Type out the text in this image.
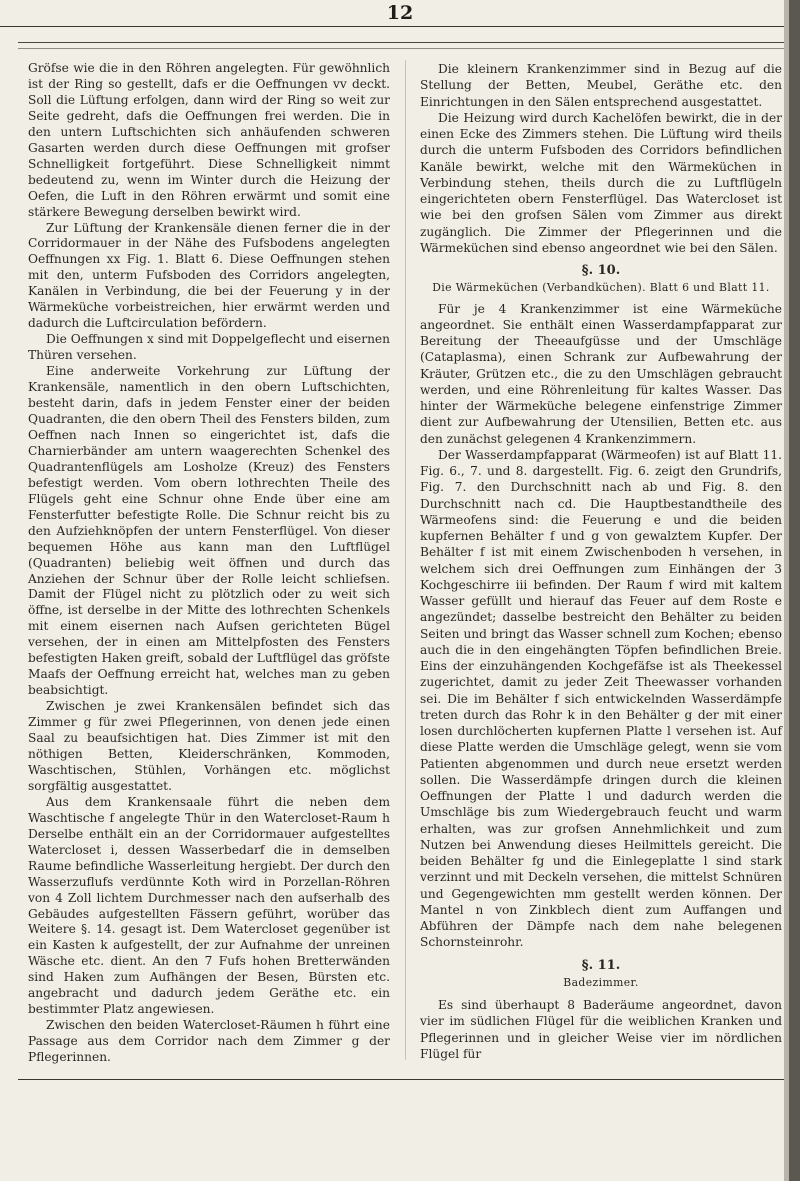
12

Gröfse wie die in den Röhren angelegten. Für gewöhnlich ist der Ring so gestellt, dafs er die Oeffnungen vv deckt. Soll die Lüftung erfolgen, dann wird der Ring so weit zur Seite gedreht, dafs die Oeffnungen frei werden. Die in den untern Luftschichten sich anhäufenden schweren Gasarten werden durch diese Oeffnungen mit grofser Schnelligkeit fortgeführt. Diese Schnelligkeit nimmt bedeutend zu, wenn im Winter durch die Heizung der Oefen, die Luft in den Röhren erwärmt und somit eine stärkere Bewegung derselben bewirkt wird.

Zur Lüftung der Krankensäle dienen ferner die in der Corridormauer in der Nähe des Fufsbodens angelegten Oeffnungen xx Fig. 1. Blatt 6. Diese Oeffnungen stehen mit den, unterm Fufsboden des Corridors angelegten, Kanälen in Verbindung, die bei der Feuerung y in der Wärmeküche vorbeistreichen, hier erwärmt werden und dadurch die Luftcirculation befördern.

Die Oeffnungen x sind mit Doppelgeflecht und eisernen Thüren versehen.

Eine anderweite Vorkehrung zur Lüftung der Krankensäle, namentlich in den obern Luftschichten, besteht darin, dafs in jedem Fenster einer der beiden Quadranten, die den obern Theil des Fensters bilden, zum Oeffnen nach Innen so eingerichtet ist, dafs die Charnierbänder am untern waagerechten Schenkel des Quadrantenflügels am Losholze (Kreuz) des Fensters befestigt werden. Vom obern lothrechten Theile des Flügels geht eine Schnur ohne Ende über eine am Fensterfutter befestigte Rolle. Die Schnur reicht bis zu den Aufziehknöpfen der untern Fensterflügel. Von dieser bequemen Höhe aus kann man den Luftflügel (Quadranten) beliebig weit öffnen und durch das Anziehen der Schnur über der Rolle leicht schliefsen. Damit der Flügel nicht zu plötzlich oder zu weit sich öffne, ist derselbe in der Mitte des lothrechten Schenkels mit einem eisernen nach Aufsen gerichteten Bügel versehen, der in einen am Mittelpfosten des Fensters befestigten Haken greift, sobald der Luftflügel das gröfste Maafs der Oeffnung erreicht hat, welches man zu geben beabsichtigt.

Zwischen je zwei Krankensälen befindet sich das Zimmer g für zwei Pflegerinnen, von denen jede einen Saal zu beaufsichtigen hat. Dies Zimmer ist mit den nöthigen Betten, Kleiderschränken, Kommoden, Waschtischen, Stühlen, Vorhängen etc. möglichst sorgfältig ausgestattet.

Aus dem Krankensaale führt die neben dem Waschtische f angelegte Thür in den Watercloset-Raum h Derselbe enthält ein an der Corridormauer aufgestelltes Watercloset i, dessen Wasserbedarf die in demselben Raume befindliche Wasserleitung hergiebt. Der durch den Wasserzuflufs verdünnte Koth wird in Porzellan-Röhren von 4 Zoll lichtem Durchmesser nach den aufserhalb des Gebäudes aufgestellten Fässern geführt, worüber das Weitere §. 14. gesagt ist. Dem Watercloset gegenüber ist ein Kasten k aufgestellt, der zur Aufnahme der unreinen Wäsche etc. dient. An den 7 Fufs hohen Bretterwänden sind Haken zum Aufhängen der Besen, Bürsten etc. angebracht und dadurch jedem Geräthe etc. ein bestimmter Platz angewiesen.

Zwischen den beiden Watercloset-Räumen h führt eine Passage aus dem Corridor nach dem Zimmer g der Pflegerinnen.

Die kleinern Krankenzimmer sind in Bezug auf die Stellung der Betten, Meubel, Geräthe etc. den Einrichtungen in den Sälen entsprechend ausgestattet.

Die Heizung wird durch Kachelöfen bewirkt, die in der einen Ecke des Zimmers stehen. Die Lüftung wird theils durch die unterm Fufsboden des Corridors befindlichen Kanäle bewirkt, welche mit den Wärmeküchen in Verbindung stehen, theils durch die zu Luftflügeln eingerichteten obern Fensterflügel. Das Watercloset ist wie bei den grofsen Sälen vom Zimmer aus direkt zugänglich. Die Zimmer der Pflegerinnen und die Wärmeküchen sind ebenso angeordnet wie bei den Sälen.

§. 10.
Die Wärmeküchen (Verbandküchen). Blatt 6 und Blatt 11.

Für je 4 Krankenzimmer ist eine Wärmeküche angeordnet. Sie enthält einen Wasserdampfapparat zur Bereitung der Theeaufgüsse und der Umschläge (Cataplasma), einen Schrank zur Aufbewahrung der Kräuter, Grützen etc., die zu den Umschlägen gebraucht werden, und eine Röhrenleitung für kaltes Wasser. Das hinter der Wärmeküche belegene einfenstrige Zimmer dient zur Aufbewahrung der Utensilien, Betten etc. aus den zunächst gelegenen 4 Krankenzimmern.

Der Wasserdampfapparat (Wärmeofen) ist auf Blatt 11. Fig. 6., 7. und 8. dargestellt. Fig. 6. zeigt den Grundrifs, Fig. 7. den Durchschnitt nach ab und Fig. 8. den Durchschnitt nach cd. Die Hauptbestandtheile des Wärmeofens sind: die Feuerung e und die beiden kupfernen Behälter f und g von gewalztem Kupfer. Der Behälter f ist mit einem Zwischenboden h versehen, in welchem sich drei Oeffnungen zum Einhängen der 3 Kochgeschirre iii befinden. Der Raum f wird mit kaltem Wasser gefüllt und hierauf das Feuer auf dem Roste e angezündet; dasselbe bestreicht den Behälter zu beiden Seiten und bringt das Wasser schnell zum Kochen; ebenso auch die in den eingehängten Töpfen befindlichen Breie. Eins der einzuhängenden Kochgefäfse ist als Theekessel zugerichtet, damit zu jeder Zeit Theewasser vorhanden sei. Die im Behälter f sich entwickelnden Wasserdämpfe treten durch das Rohr k in den Behälter g der mit einer losen durchlöcherten kupfernen Platte l versehen ist. Auf diese Platte werden die Umschläge gelegt, wenn sie vom Patienten abgenommen und durch neue ersetzt werden sollen. Die Wasserdämpfe dringen durch die kleinen Oeffnungen der Platte l und dadurch werden die Umschläge bis zum Wiedergebrauch feucht und warm erhalten, was zur grofsen Annehmlichkeit und zum Nutzen bei Anwendung dieses Heilmittels gereicht. Die beiden Behälter fg und die Einlegeplatte l sind stark verzinnt und mit Deckeln versehen, die mittelst Schnüren und Gegengewichten mm gestellt werden können. Der Mantel n von Zinkblech dient zum Auffangen und Abführen der Dämpfe nach dem nahe belegenen Schornsteinrohr.

§. 11.
Badezimmer.

Es sind überhaupt 8 Baderäume angeordnet, davon vier im südlichen Flügel für die weiblichen Kranken und Pflegerinnen und in gleicher Weise vier im nördlichen Flügel für
